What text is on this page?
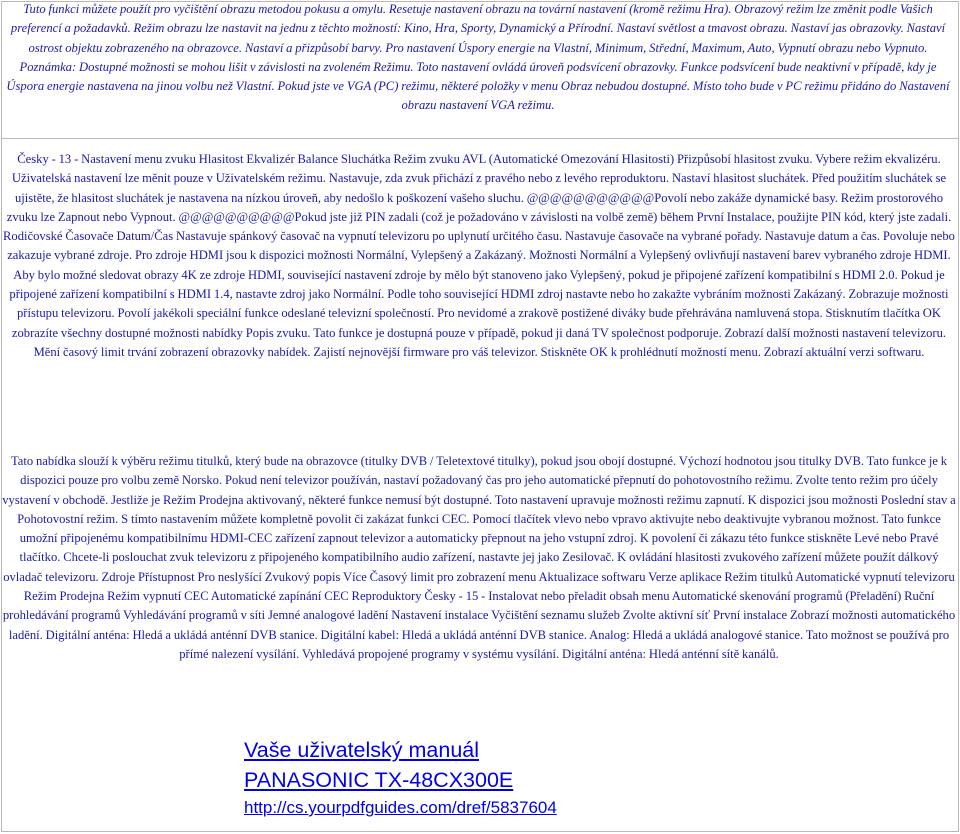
Tuto funkci můžete použít pro vyčištění obrazu metodou pokusu a omylu. Resetuje nastavení obrazu na tovární nastavení (kromě režimu Hra). Obrazový režim lze změnit podle Vašich preferencí a požadavků. Režim obrazu lze nastavit na jednu z těchto možností: Kino, Hra, Sporty, Dynamický a Přírodní. Nastaví světlost a tmavost obrazu. Nastaví jas obrazovky. Nastaví ostrost objektu zobrazeného na obrazovce. Nastaví a přizpůsobí barvy. Pro nastavení Úspory energie na Vlastní, Minimum, Střední, Maximum, Auto, Vypnutí obrazu nebo Vypnuto. Poznámka: Dostupné možnosti se mohou lišit v závislosti na zvoleném Režimu. Toto nastavení ovládá úroveň podsvícení obrazovky. Funkce podsvícení bude neaktivní v případě, kdy je Úspora energie nastavena na jinou volbu než Vlastní. Pokud jste ve VGA (PC) režimu, některé položky v menu Obraz nebudou dostupné. Místo toho bude v PC režimu přidáno do Nastavení obrazu nastavení VGA režimu.

Česky - 13 - Nastavení menu zvuku Hlasitost Ekvalizér Balance Sluchátka Režim zvuku AVL (Automatické Omezování Hlasitosti) Přizpůsobí hlasitost zvuku. Vybere režim ekvalizéru. Uživatelská nastavení lze měnit pouze v Uživatelském režimu. Nastavuje, zda zvuk přichází z pravého nebo z levého reproduktoru. Nastaví hlasitost sluchátek. Před použitím sluchátek se ujistěte, že hlasitost sluchátek je nastavena na nízkou úroveň, aby nedošlo k poškození vašeho sluchu. @@@@@@@@@@@Povolí nebo zakáže dynamické basy. Režim prostorového zvuku lze Zapnout nebo Vypnout. @@@@@@@@@@Pokud jste již PIN zadali (což je požadováno v závislosti na volbě země) během První Instalace, použijte PIN kód, který jste zadali. Rodičovské Časovače Datum/Čas Nastavuje spánkový časovač na vypnutí televizoru po uplynutí určitého času. Nastavuje časovače na vybrané pořady. Nastavuje datum a čas. Povoluje nebo zakazuje vybrané zdroje. Pro zdroje HDMI jsou k dispozici možnosti Normální, Vylepšený a Zakázaný. Možnosti Normální a Vylepšený ovlivňují nastavení barev vybraného zdroje HDMI. Aby bylo možné sledovat obrazy 4K ze zdroje HDMI, související nastavení zdroje by mělo být stanoveno jako Vylepšený, pokud je připojené zařízení kompatibilní s HDMI 2.0. Pokud je připojené zařízení kompatibilní s HDMI 1.4, nastavte zdroj jako Normální. Podle toho související HDMI zdroj nastavte nebo ho zakažte vybráním možnosti Zakázaný. Zobrazuje možnosti přístupu televizoru. Povolí jakékoli speciální funkce odeslané televizní společností. Pro nevidomé a zrakově postižené diváky bude přehrávána namluvená stopa. Stisknutím tlačítka OK zobrazíte všechny dostupné možnosti nabídky Popis zvuku. Tato funkce je dostupná pouze v případě, pokud ji daná TV společnost podporuje. Zobrazí další možnosti nastavení televizoru. Mění časový limit trvání zobrazení obrazovky nabídek. Zajistí nejnovější firmware pro váš televizor. Stiskněte OK k prohlédnutí možností menu. Zobrazí aktuální verzi softwaru.

Tato nabídka slouží k výběru režimu titulků, který bude na obrazovce (titulky DVB / Teletextové titulky), pokud jsou obojí dostupné. Výchozí hodnotou jsou titulky DVB. Tato funkce je k dispozici pouze pro volbu země Norsko. Pokud není televizor používán, nastaví požadovaný čas pro jeho automatické přepnutí do pohotovostního režimu. Zvolte tento režim pro účely vystavení v obchodě. Jestliže je Režim Prodejna aktivovaný, některé funkce nemusí být dostupné. Toto nastavení upravuje možnosti režimu zapnutí. K dispozici jsou možnosti Poslední stav a Pohotovostní režim. S tímto nastavením můžete kompletně povolit či zakázat funkci CEC. Pomocí tlačítek vlevo nebo vpravo aktivujte nebo deaktivujte vybranou možnost. Tato funkce umožní připojenému kompatibilnímu HDMI-CEC zařízení zapnout televizor a automaticky přepnout na jeho vstupní zdroj. K povolení či zákazu této funkce stiskněte Levé nebo Pravé tlačítko. Chcete-li poslouchat zvuk televizoru z připojeného kompatibilního audio zařízení, nastavte jej jako Zesilovač. K ovládání hlasitosti zvukového zařízení můžete použít dálkový ovladač televizoru. Zdroje Přístupnost Pro neslyšící Zvukový popis Více Časový limit pro zobrazení menu Aktualizace softwaru Verze aplikace Režim titulků Automatické vypnutí televizoru Režim Prodejna Režim vypnutí CEC Automatické zapínání CEC Reproduktory Česky - 15 - Instalovat nebo přeladit obsah menu Automatické skenování programů (Přeladění) Ruční prohledávání programů Vyhledávání programů v síti Jemné analogové ladění Nastavení instalace Vyčištění seznamu služeb Zvolte aktivní síť První instalace Zobrazí možnosti automatického ladění. Digitální anténa: Hledá a ukládá anténní DVB stanice. Digitální kabel: Hledá a ukládá anténní DVB stanice. Analog: Hledá a ukládá analogové stanice. Tato možnost se používá pro přímé nalezení vysílání. Vyhledává propojené programy v systému vysílání. Digitální anténa: Hledá anténní sítě kanálů.

Vaše uživatelský manuál
PANASONIC TX-48CX300E
http://cs.yourpdfguides.com/dref/5837604
